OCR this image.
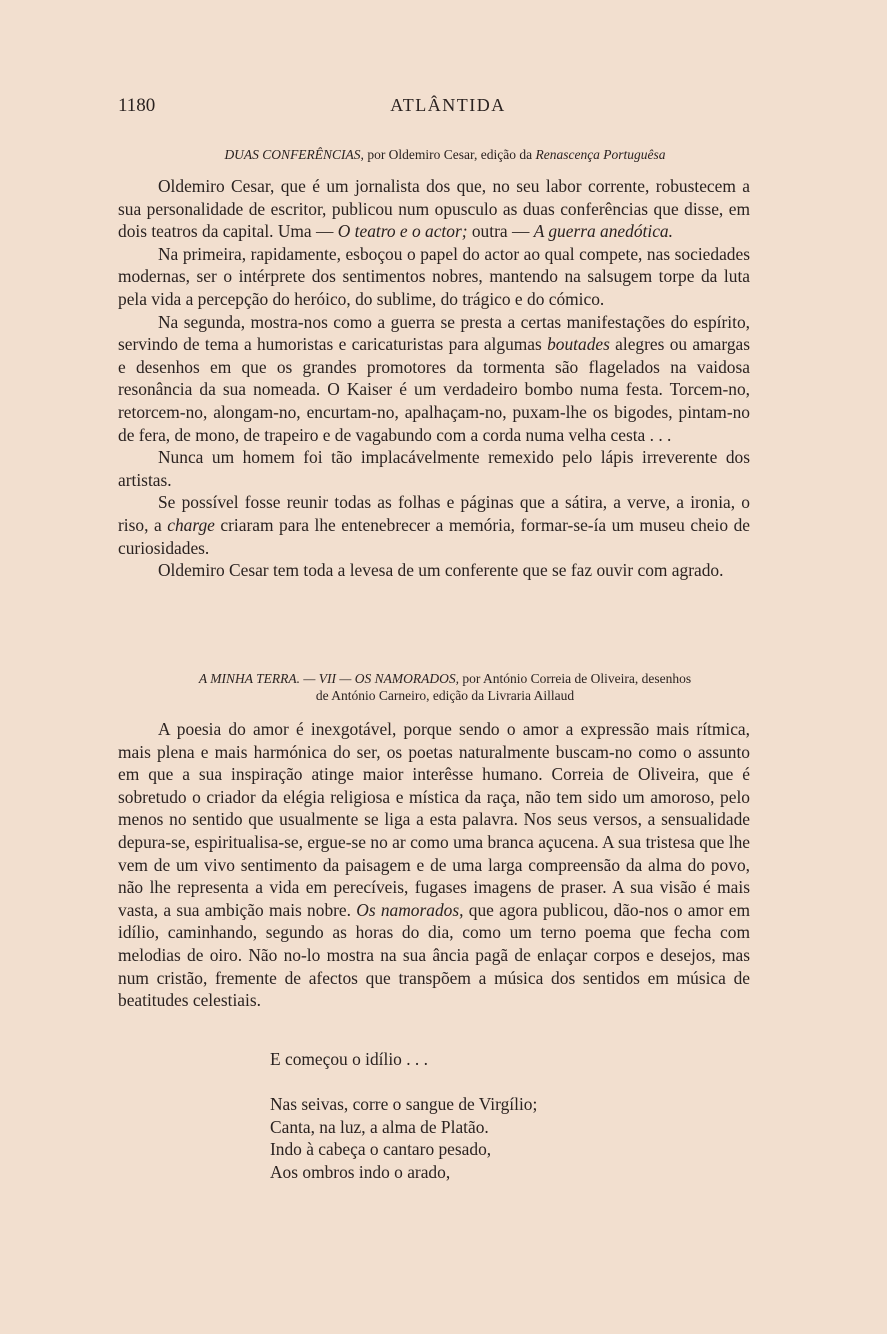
1180	ATLÂNTIDA
DUAS CONFERÊNCIAS, por Oldemiro Cesar, edição da Renascença Portuguêsa

Oldemiro Cesar, que é um jornalista dos que, no seu labor corrente, robustecem a sua personalidade de escritor, publicou num opusculo as duas conferências que disse, em dois teatros da capital. Uma — O teatro e o actor; outra — A guerra anedótica.

Na primeira, rapidamente, esboçou o papel do actor ao qual compete, nas sociedades modernas, ser o intérprete dos sentimentos nobres, mantendo na salsugem torpe da luta pela vida a percepção do heróico, do sublime, do trágico e do cómico.

Na segunda, mostra-nos como a guerra se presta a certas manifestações do espírito, servindo de tema a humoristas e caricaturistas para algumas boutades alegres ou amargas e desenhos em que os grandes promotores da tormenta são flagelados na vaidosa resonância da sua nomeada. O Kaiser é um verdadeiro bombo numa festa. Torcem-no, retorcem-no, alongam-no, encurtam-no, apalhaçam-no, puxam-lhe os bigodes, pintam-no de fera, de mono, de trapeiro e de vagabundo com a corda numa velha cesta . . .

Nunca um homem foi tão implacávelmente remexido pelo lápis irreverente dos artistas.

Se possível fosse reunir todas as folhas e páginas que a sátira, a verve, a ironia, o riso, a charge criaram para lhe entenebrecer a memória, formar-se-ía um museu cheio de curiosidades.

Oldemiro Cesar tem toda a levesa de um conferente que se faz ouvir com agrado.

A MINHA TERRA. — VII — OS NAMORADOS, por António Correia de Oliveira, desenhos
de António Carneiro, edição da Livraria Aillaud

A poesia do amor é inexgotável, porque sendo o amor a expressão mais rítmica, mais plena e mais harmónica do ser, os poetas naturalmente buscam-no como o assunto em que a sua inspiração atinge maior interêsse humano. Correia de Oliveira, que é sobretudo o criador da elégia religiosa e mística da raça, não tem sido um amoroso, pelo menos no sentido que usualmente se liga a esta palavra. Nos seus versos, a sensualidade depura-se, espiritualisa-se, ergue-se no ar como uma branca açucena. A sua tristesa que lhe vem de um vivo sentimento da paisagem e de uma larga compreensão da alma do povo, não lhe representa a vida em perecíveis, fugases imagens de praser. A sua visão é mais vasta, a sua ambição mais nobre. Os namorados, que agora publicou, dão-nos o amor em idílio, caminhando, segundo as horas do dia, como um terno poema que fecha com melodias de oiro. Não no-lo mostra na sua ância pagã de enlaçar corpos e desejos, mas num cristão, fremente de afectos que transpõem a música dos sentidos em música de beatitudes celestiais.

E começou o idílio . . .
Nas seivas, corre o sangue de Virgílio;
Canta, na luz, a alma de Platão.
Indo à cabeça o cantaro pesado,
Aos ombros indo o arado,
